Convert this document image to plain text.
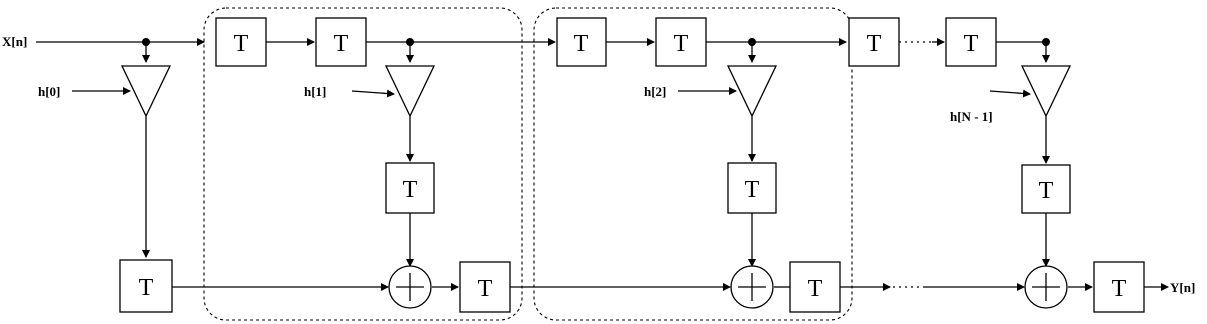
T	T	T	T	T	T
T	T	T
T	T	T	T
X[n]
Y[n]
h[0]	h[1]	h[2]
h[N - 1]
